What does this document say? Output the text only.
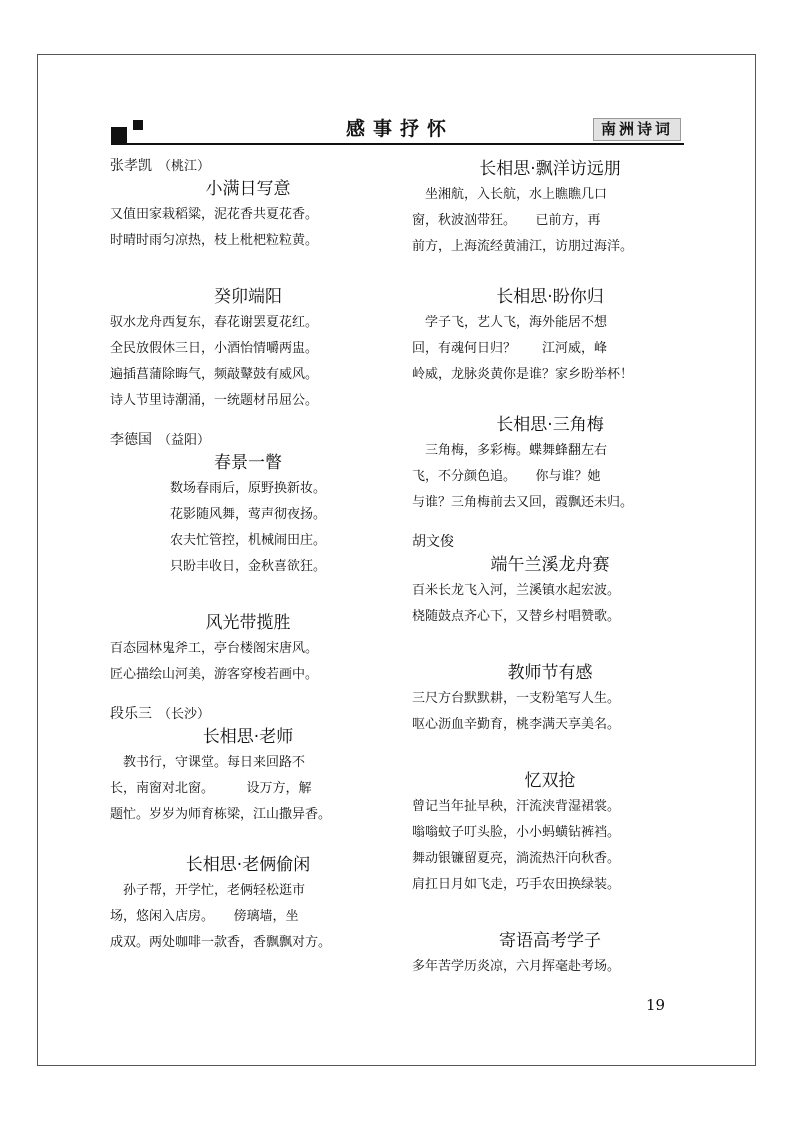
感事抒怀	南洲诗词
张孝凯 （桃江）
小满日写意
又值田家栽稻粱，泥花香共夏花香。
时晴时雨匀凉热，枝上枇杷粒粒黄。
癸卯端阳
驭水龙舟西复东，春花谢罢夏花红。
全民放假休三日，小酒怡情嚼两盅。
遍插菖蒲除晦气，频敲鼙鼓有威风。
诗人节里诗潮涌，一统题材吊屈公。
李德国 （益阳）
春景一瞥
数场春雨后，原野换新妆。
花影随风舞，莺声彻夜扬。
农夫忙管控，机械闹田庄。
只盼丰收日，金秋喜欲狂。
风光带揽胜
百态园林鬼斧工，亭台楼阁宋唐风。
匠心描绘山河美，游客穿梭若画中。
段乐三 （长沙）
长相思·老师
　教书行，守课堂。每日来回路不
长，南窗对北窗。　　　设万方，解
题忙。岁岁为师育栋梁，江山撒异香。
长相思·老俩偷闲
　孙子帮，开学忙，老俩轻松逛市
场，悠闲入店房。　　傍璃墙，坐
成双。两处咖啡一款香，香飘飘对方。
长相思·飘洋访远朋
　坐湘航，入长航，水上瞧瞧几口
窗，秋波汹带狂。　　已前方，再
前方，上海流经黄浦江，访朋过海洋。
长相思·盼你归
　学子飞，艺人飞，海外能居不想
回，有魂何日归？　　江河威，峰
岭威，龙脉炎黄你是谁？家乡盼举杯！
长相思·三角梅
　三角梅，多彩梅。蝶舞蜂翻左右
飞，不分颜色追。　　你与谁？她
与谁？三角梅前去又回，霞飘还未归。
胡文俊
端午兰溪龙舟赛
百米长龙飞入河，兰溪镇水起宏波。
桡随鼓点齐心下，又替乡村唱赞歌。
教师节有感
三尺方台默默耕，一支粉笔写人生。
呕心沥血辛勤育，桃李满天享美名。
忆双抢
曾记当年扯早秧，汗流浃背湿裙裳。
嗡嗡蚊子叮头脸，小小蚂蟥钻裤裆。
舞动银镰留夏亮，淌流热汗向秋香。
肩扛日月如飞走，巧手农田换绿装。
寄语高考学子
多年苦学历炎凉，六月挥毫赴考场。
19
